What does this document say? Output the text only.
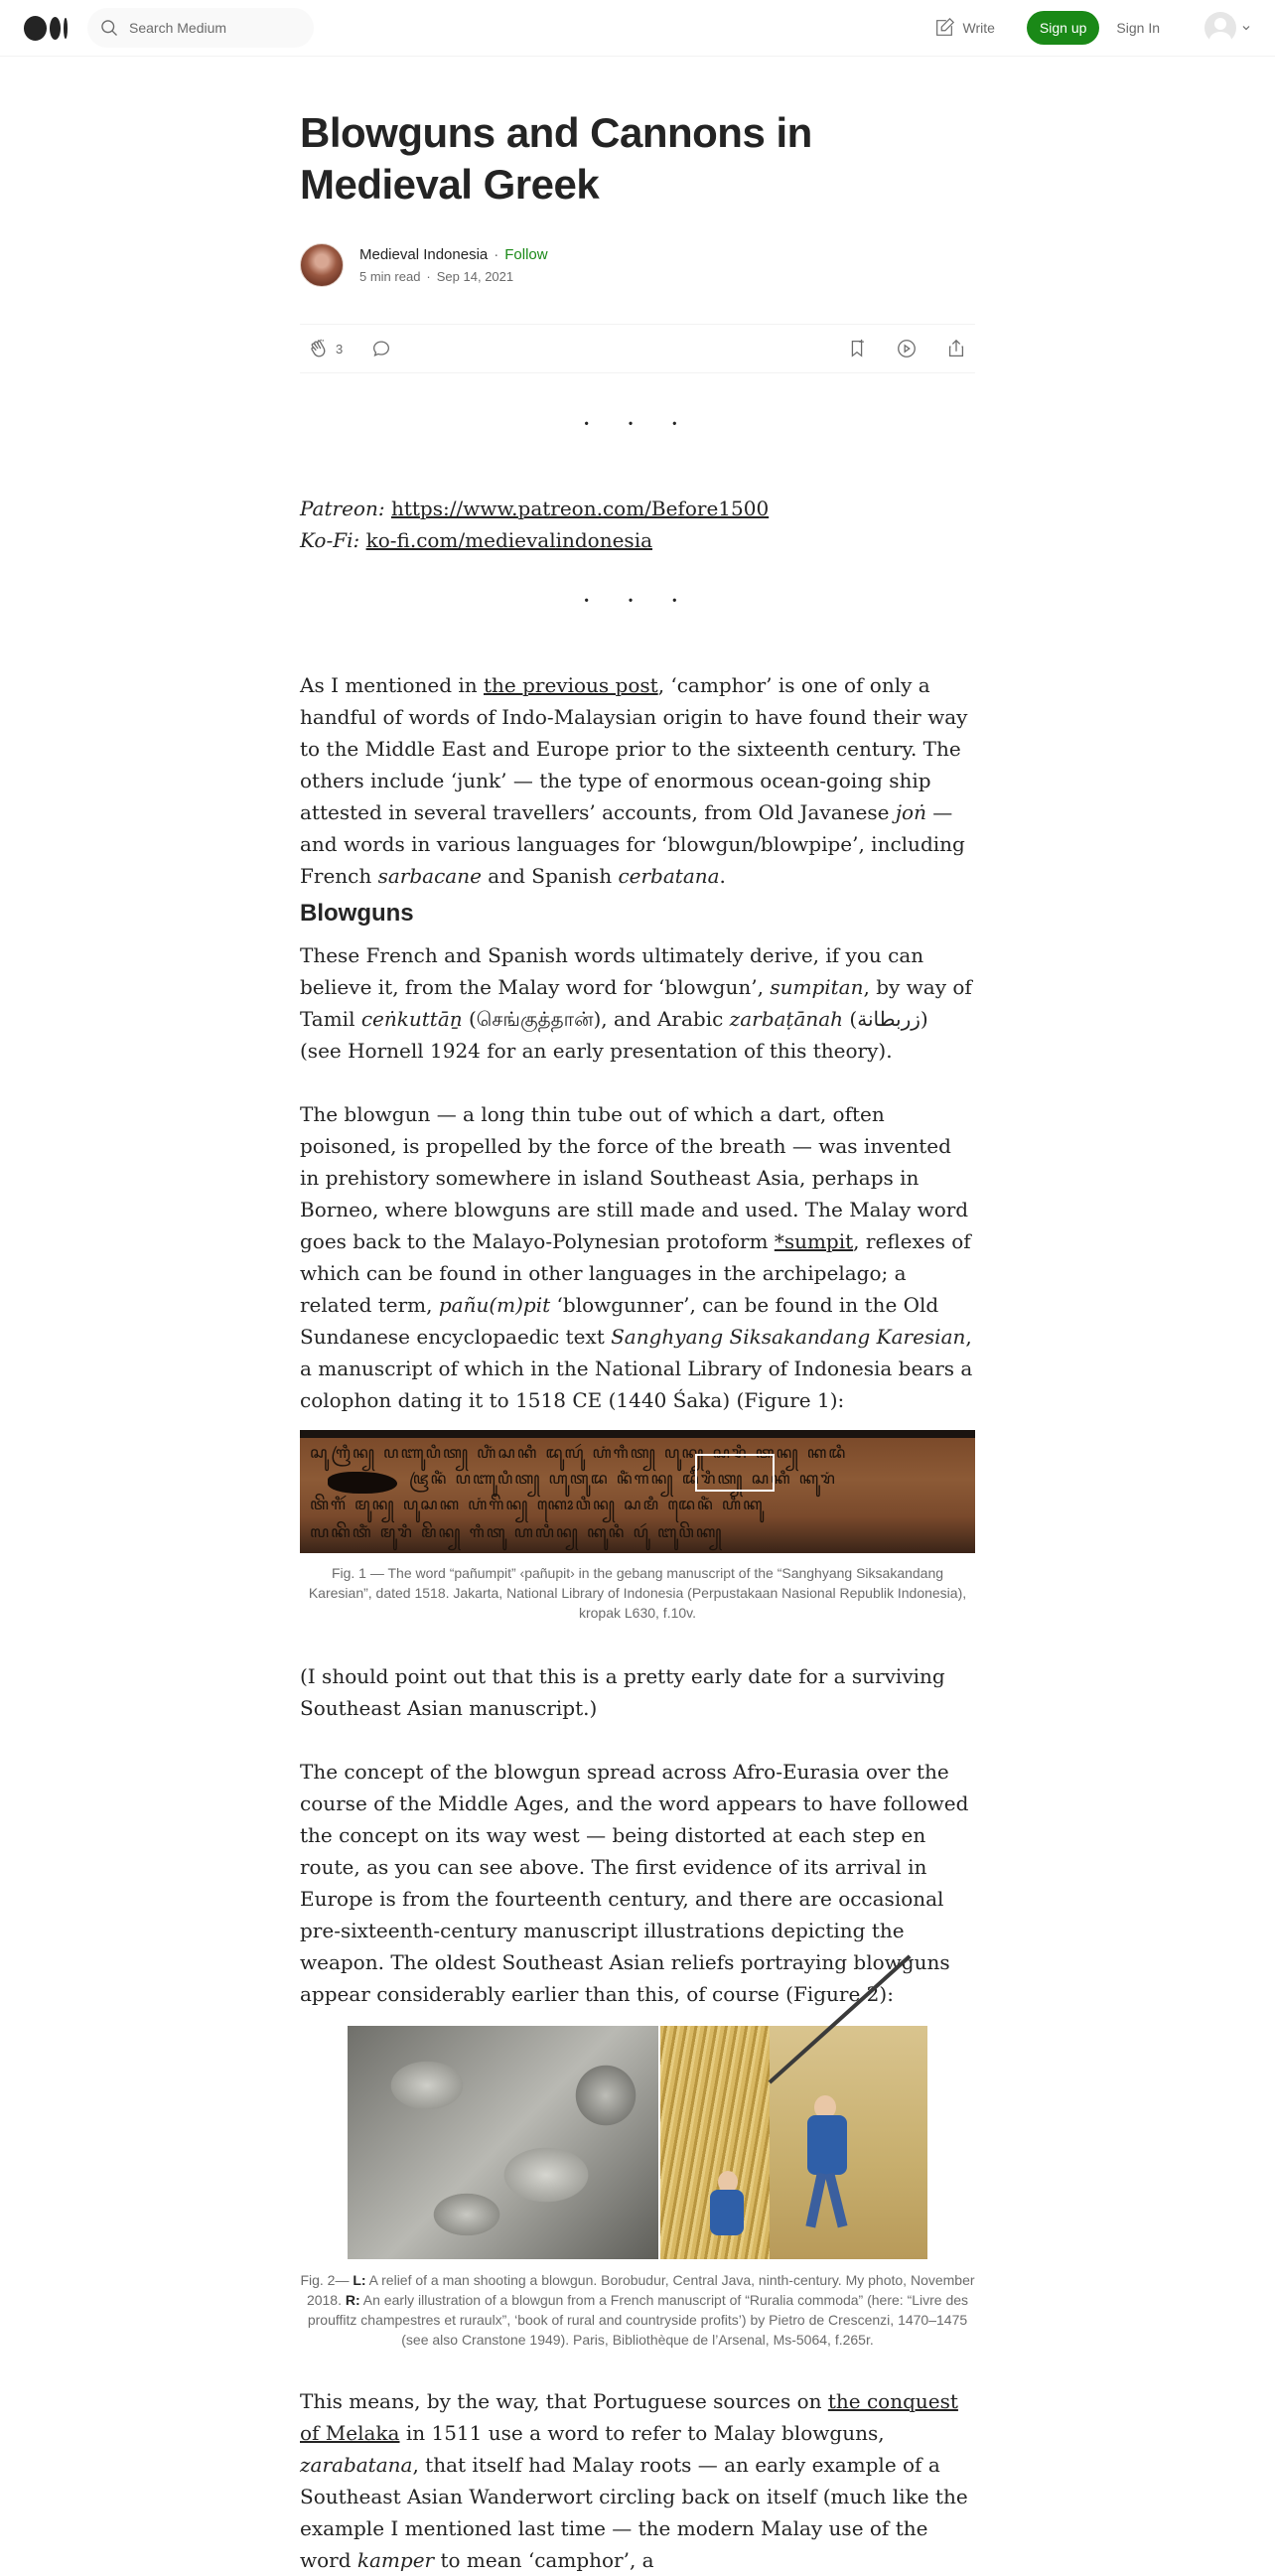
Search Medium
Write	Sign up	Sign In
Blowguns and Cannons in Medieval Greek
Medieval Indonesia · Follow
5 min read · Sep 14, 2021
3
· · ·
Patreon: https://www.patreon.com/Before1500
Ko-Fi: ko-fi.com/medievalindonesia
· · ·

As I mentioned in the previous post, ‘camphor’ is one of only a handful of words of Indo-Malaysian origin to have found their way to the Middle East and Europe prior to the sixteenth century. The others include ‘junk’ — the type of enormous ocean-going ship attested in several travellers’ accounts, from Old Javanese joṅ — and words in various languages for ‘blowgun/blowpipe’, including French sarbacane and Spanish cerbatana.

Blowguns

These French and Spanish words ultimately derive, if you can believe it, from the Malay word for ‘blowgun’, sumpitan, by way of Tamil ceṅkuttāṉ (செங்குத்தான்), and Arabic zarbaṭānah (زربطانة) (see Hornell 1924 for an early presentation of this theory).

The blowgun — a long thin tube out of which a dart, often poisoned, is propelled by the force of the breath — was invented in prehistory somewhere in island Southeast Asia, perhaps in Borneo, where blowguns are still made and used. The Malay word goes back to the Malayo-Polynesian protoform *sumpit, reflexes of which can be found in other languages in the archipelago; a related term, pañu(m)pit ‘blowgunner’, can be found in the Old Sundanese encyclopaedic text Sanghyang Siksakandang Karesian, a manuscript of which in the National Library of Indonesia bears a colophon dating it to 1518 CE (1440 Śaka) (Figure 1):

ꦱꦸꦒꦿꦶꦤ꧀ ꦥꦚꦸꦥꦶꦠ꧀ ꦲꦶꦁꦱꦏꦶ ꦢꦸꦭꦸꦂ ꦲꦁꦒꦶꦠ꧀ ꦥꦸꦤ꧀ ꦱꦫꦶ ꦠꦤ꧀ ꦏꦢꦶ
ꦗꦿꦤꦶꦁ ꦥꦚꦸꦥꦶꦠ꧀ ꦲꦸꦠꦸꦢ ꦤꦶꦁꦒꦤ꧀ ꦢꦶꦫꦶꦠ꧀ ꦱꦏꦶ ꦏꦸꦫꦁ
ꦠꦼꦒꦶꦂ ꦩꦸꦤ꧀ ꦥꦸꦱꦏ ꦲꦁꦒꦼꦤ꧀ ꦏꦺꦴꦮꦶꦤ꧀ ꦱꦩꦶ ꦢꦺꦤꦶꦁ ꦲꦶꦏꦸ
ꦭꦏꦼꦠꦶꦁ ꦩꦸꦫꦶ ꦩꦼꦤ꧀ ꦒꦶꦠꦸ ꦲꦭꦶꦤ꧀ ꦏꦸꦤꦶ ꦥꦸꦂ ꦧꦸꦮꦼꦏ꧀
Fig. 1 — The word “pañumpit” ‹pañupit› in the gebang manuscript of the “Sanghyang Siksakandang Karesian”, dated 1518. Jakarta, National Library of Indonesia (Perpustakaan Nasional Republik Indonesia), kropak L630, f.10v.

(I should point out that this is a pretty early date for a surviving Southeast Asian manuscript.)

The concept of the blowgun spread across Afro-Eurasia over the course of the Middle Ages, and the word appears to have followed the concept on its way west — being distorted at each step en route, as you can see above. The first evidence of its arrival in Europe is from the fourteenth century, and there are occasional pre-sixteenth-century manuscript illustrations depicting the weapon. The oldest Southeast Asian reliefs portraying blowguns appear considerably earlier than this, of course (Figure 2):

Fig. 2— L: A relief of a man shooting a blowgun. Borobudur, Central Java, ninth-century. My photo, November 2018. R: An early illustration of a blowgun from a French manuscript of “Ruralia commoda” (here: “Livre des prouffitz champestres et ruraulx”, ‘book of rural and countryside profits’) by Pietro de Crescenzi, 1470–1475 (see also Cranstone 1949). Paris, Bibliothèque de l’Arsenal, Ms-5064, f.265r.

This means, by the way, that Portuguese sources on the conquest of Melaka in 1511 use a word to refer to Malay blowguns, zarabatana, that itself had Malay roots — an early example of a Southeast Asian Wanderwort circling back on itself (much like the example I mentioned last time — the modern Malay use of the word kamper to mean ‘camphor’, a
